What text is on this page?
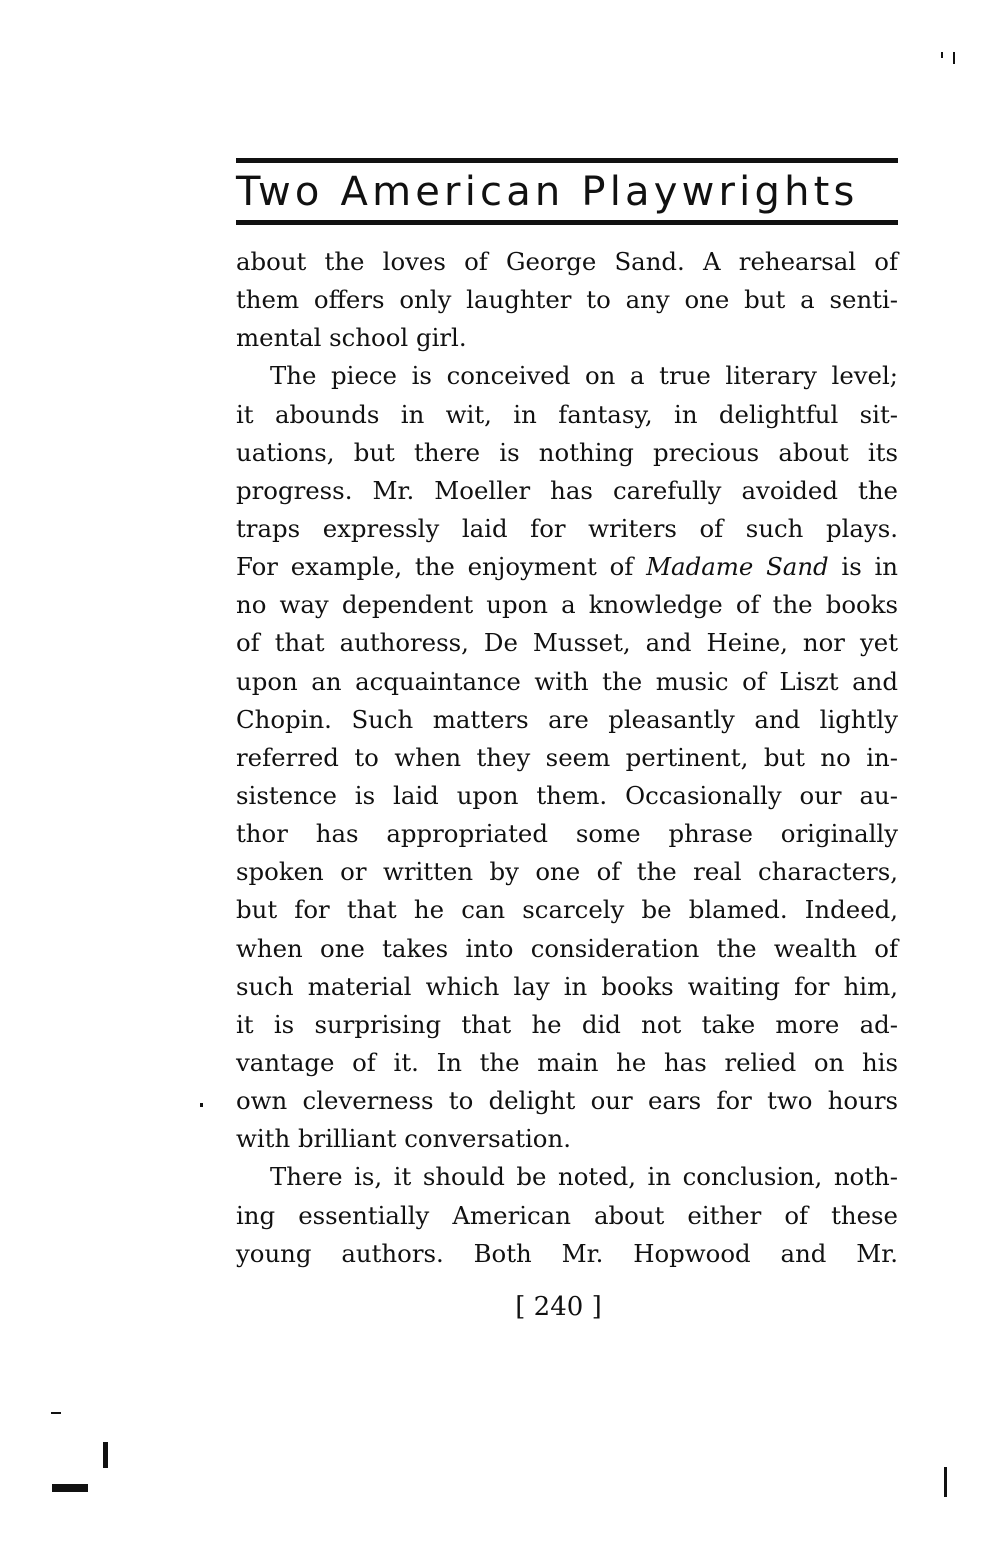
Two American Playwrights
about the loves of George Sand. A rehearsal of
them offers only laughter to any one but a senti-
mental school girl.
The piece is conceived on a true literary level;
it abounds in wit, in fantasy, in delightful sit-
uations, but there is nothing precious about its
progress. Mr. Moeller has carefully avoided the
traps expressly laid for writers of such plays.
For example, the enjoyment of Madame Sand is in
no way dependent upon a knowledge of the books
of that authoress, De Musset, and Heine, nor yet
upon an acquaintance with the music of Liszt and
Chopin. Such matters are pleasantly and lightly
referred to when they seem pertinent, but no in-
sistence is laid upon them. Occasionally our au-
thor has appropriated some phrase originally
spoken or written by one of the real characters,
but for that he can scarcely be blamed. Indeed,
when one takes into consideration the wealth of
such material which lay in books waiting for him,
it is surprising that he did not take more ad-
vantage of it. In the main he has relied on his
own cleverness to delight our ears for two hours
with brilliant conversation.
There is, it should be noted, in conclusion, noth-
ing essentially American about either of these
young authors. Both Mr. Hopwood and Mr.
[ 240 ]
